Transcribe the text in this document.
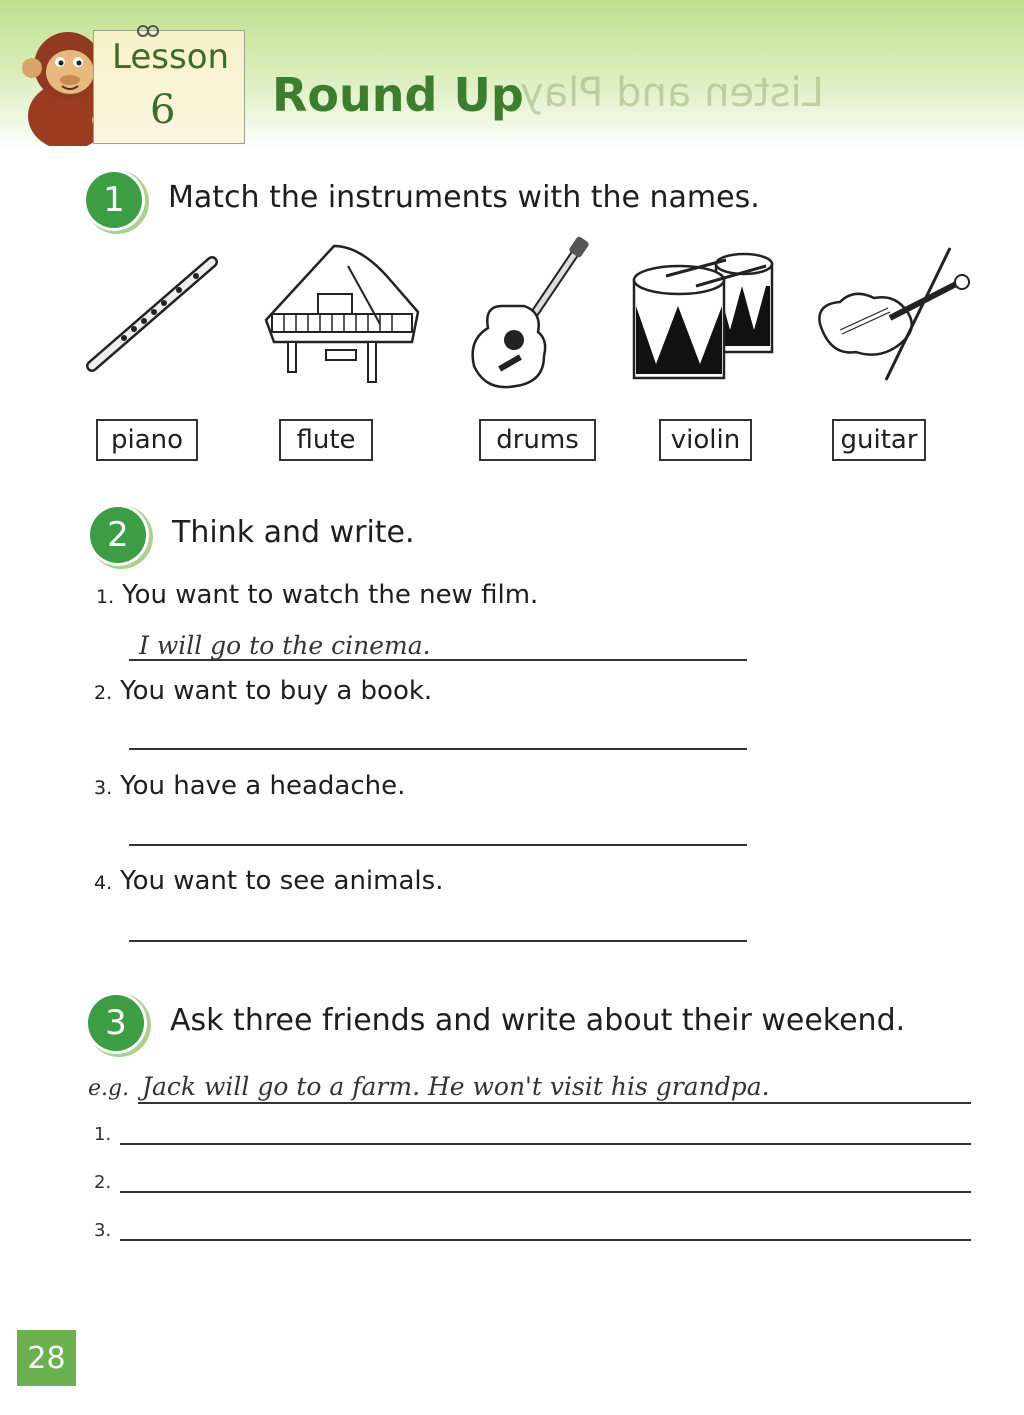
Listen and Play
Lesson
6 Round Up
1	Match the instruments with the names.
piano	flute	drums	violin	guitar
2	Think and write.
1. You want to watch the new film.
I will go to the cinema.
2. You want to buy a book.
3. You have a headache.
4. You want to see animals.
3	Ask three friends and write about their weekend.
e.g. Jack will go to a farm. He won't visit his grandpa.
1.
2.
3.
28
